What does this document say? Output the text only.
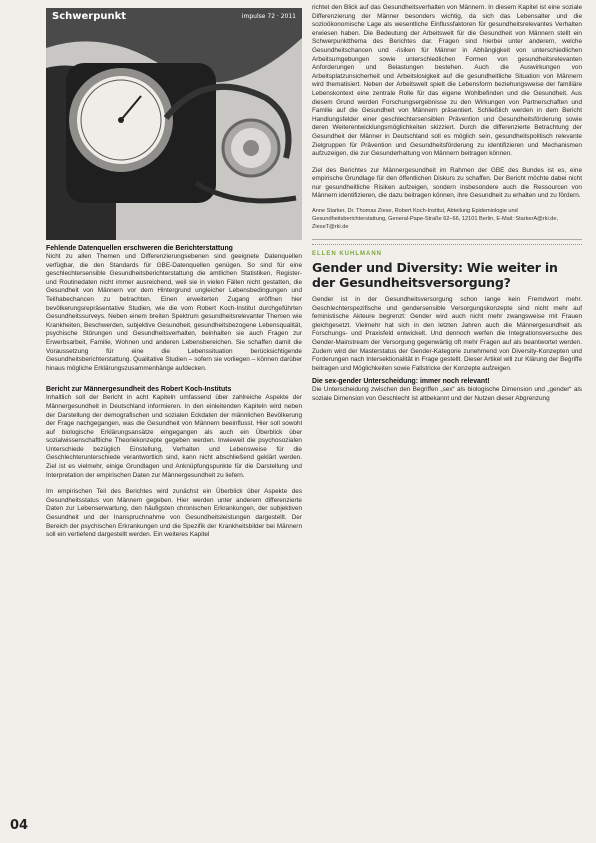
Schwerpunkt	impulse 72 · 2011
Fehlende Datenquellen erschweren die Berichterstattung

Nicht zu allen Themen und Differenzierungsebenen sind geeignete Datenquellen verfügbar, die den Standards für GBE-Datenquellen genügen. So sind für eine geschlechtersensible Gesundheitsberichterstattung die amtlichen Statistiken, Register- und Routinedaten nicht immer ausreichend, weil sie in vielen Fällen nicht gestatten, die Gesundheit von Männern vor dem Hintergrund ungleicher Lebensbedingungen und Teilhabechancen zu betrachten. Einen erweiterten Zugang eröffnen hier bevölkerungsrepräsentative Studien, wie die vom Robert Koch-Institut durchgeführten Gesundheitssurveys. Neben einem breiten Spektrum gesundheitsrelevanter Themen wie Krankheiten, Beschwerden, subjektive Gesundheit, gesundheitsbezogene Lebensqualität, psychische Störungen und Gesundheitsverhalten, beinhalten sie auch Fragen zur Erwerbsarbeit, Familie, Wohnen und anderen Lebensbereichen. Sie schaffen damit die Voraussetzung für eine die Lebenssituation berücksichtigende Gesundheitsberichterstattung. Qualitative Studien – sofern sie vorliegen – können darüber hinaus mögliche Erklärungszusammenhänge aufdecken.

Bericht zur Männergesundheit des Robert Koch-Instituts

Inhaltlich soll der Bericht in acht Kapiteln umfassend über zahlreiche Aspekte der Männergesundheit in Deutschland informieren. In den einleitenden Kapiteln wird neben der Darstellung der demografischen und sozialen Eckdaten der männlichen Bevölkerung der Frage nachgegangen, was die Gesundheit von Männern beeinflusst. Hier soll sowohl auf biologische Erklärungsansätze eingegangen als auch ein Überblick über sozialwissenschaftliche Theoriekonzepte gegeben werden. Inwieweit die psychosozialen Unterschiede bezüglich Einstellung, Verhalten und Lebensweise für die Geschlechterunterschiede verantwortlich sind, kann nicht abschließend geklärt werden. Ziel ist es vielmehr, einige Grundlagen und Anknüpfungspunkte für die Darstellung und Interpretation der empirischen Daten zur Männergesundheit zu liefern.

Im empirischen Teil des Berichtes wird zunächst ein Überblick über Aspekte des Gesundheitsstatus von Männern gegeben. Hier werden unter anderem differenzierte Daten zur Lebenserwartung, den häufigsten chronischen Erkrankungen, der subjektiven Gesundheit und der Inanspruchnahme von Gesundheitsleistungen dargestellt. Der Bereich der psychischen Erkrankungen und die Spezifik der Krankheitsbilder bei Männern soll ein vertiefend dargestellt werden. Ein weiteres Kapitel

richtet den Blick auf das Gesundheitsverhalten von Männern. In diesem Kapitel ist eine soziale Differenzierung der Männer besonders wichtig, da sich das Lebensalter und die sozioökonomische Lage als wesentliche Einflussfaktoren für gesundheitsrelevantes Verhalten erwiesen haben. Die Bedeutung der Arbeitswelt für die Gesundheit von Männern stellt ein Schwerpunktthema des Berichtes dar. Fragen sind hierbei unter anderem, welche Gesundheitschancen und -risiken für Männer in Abhängigkeit von unterschiedlichen Arbeitsumgebungen sowie unterschiedlichen Formen von gesundheitsrelevanten Anforderungen und Belastungen bestehen. Auch die Auswirkungen von Arbeitsplatzunsicherheit und Arbeitslosigkeit auf die gesundheitliche Situation von Männern wird thematisiert. Neben der Arbeitswelt spielt die Lebensform beziehungsweise der familiäre Lebenskontext eine zentrale Rolle für das eigene Wohlbefinden und die Gesundheit. Aus diesem Grund werden Forschungsergebnisse zu den Wirkungen von Partnerschaften und Familie auf die Gesundheit von Männern präsentiert. Schließlich werden in dem Bericht Handlungsfelder einer geschlechtersensiblen Prävention und Gesundheitsförderung sowie deren Weiterentwicklungsmöglichkeiten skizziert. Durch die differenzierte Betrachtung der Gesundheit der Männer in Deutschland soll es möglich sein, gesundheitspolitisch relevante Zielgruppen für Prävention und Gesundheitsförderung zu identifizieren und Mechanismen aufzuzeigen, die zur Gesunderhaltung von Männern beitragen können.

Ziel des Berichtes zur Männergesundheit im Rahmen der GBE des Bundes ist es, eine empirische Grundlage für den öffentlichen Diskurs zu schaffen. Der Bericht möchte dabei nicht nur gesundheitliche Risiken aufzeigen, sondern insbesondere auch die Ressourcen von Männern identifizieren, die dazu beitragen können, ihre Gesundheit zu erhalten und zu fördern.

Anne Starker, Dr. Thomas Ziese, Robert Koch-Institut, Abteilung Epidemiologie und Gesundheitsberichterstattung, General-Pape-Straße 62–66, 12101 Berlin, E-Mail: StarkerA@rki.de, ZieseT@rki.de

ELLEN KUHLMANN
Gender und Diversity: Wie weiter in der Gesundheitsversorgung?

Gender ist in der Gesundheitsversorgung schon lange kein Fremdwort mehr. Geschlechterspezifische und gendersensible Versorgungskonzepte sind nicht mehr auf feministische Akteure begrenzt: Gender wird auch nicht mehr zwangsweise mit Frauen gleichgesetzt. Vielmehr hat sich in den letzten Jahren auch die Männergesundheit als Forschungs- und Praxisfeld entwickelt. Und dennoch werfen die Integrationsversuche des Gender-Mainstream der Versorgung gegenwärtig oft mehr Fragen auf als beantwortet werden. Zudem wird der Masterstatus der Gender-Kategorie zunehmend von Diversity-Konzepten und Forderungen nach Intersektionalität in Frage gestellt. Dieser Artikel will zur Klärung der Begriffe beitragen und Möglichkeiten sowie Fallstricke der Konzepte aufzeigen.

Die sex-gender Unterscheidung: immer noch relevant!

Die Unterscheidung zwischen den Begriffen „sex“ als biologische Dimension und „gender“ als soziale Dimension von Geschlecht ist altbekannt und der Nutzen dieser Abgrenzung

04
